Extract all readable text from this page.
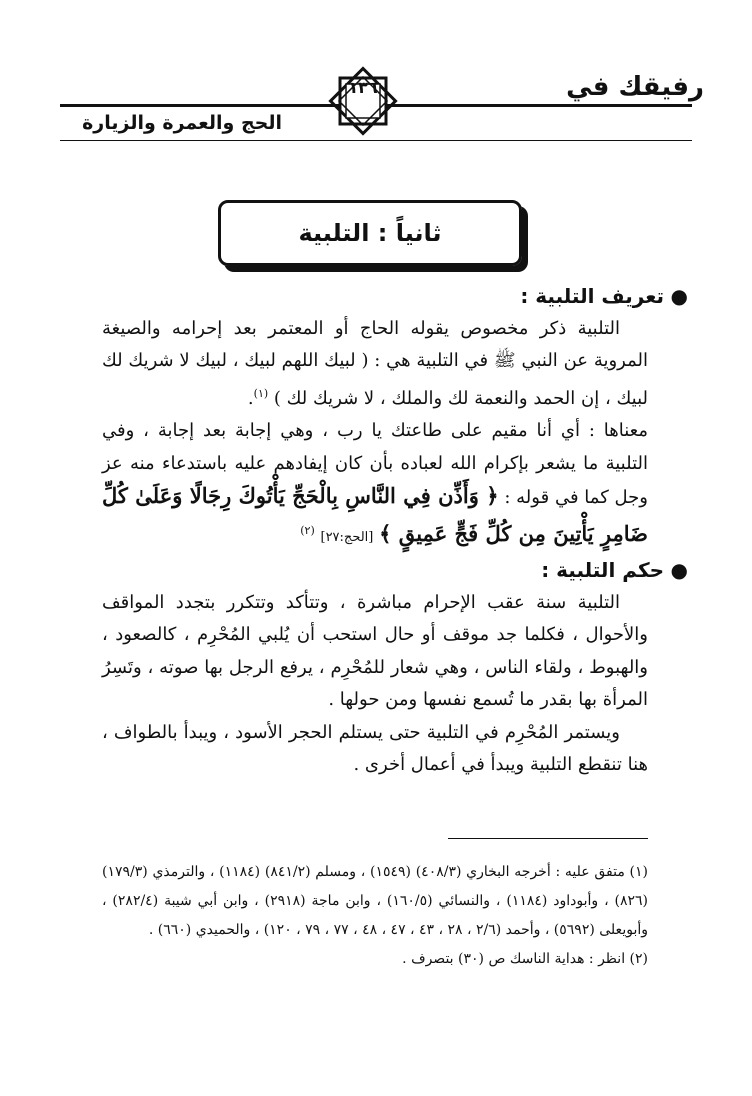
رفيقك في
١٣٦
الحج والعمرة والزيارة
ثانياً : التلبية

●
تعريف التلبية :

التلبية ذكر مخصوص يقوله الحاج أو المعتمر بعد إحرامه والصيغة المروية عن النبي ﷺ في التلبية هي : ( لبيك اللهم لبيك ، لبيك لا شريك لك لبيك ، إن الحمد والنعمة لك والملك ، لا شريك لك ) $^{(١)}$.

معناها : أي أنا مقيم على طاعتك يا رب ، وهي إجابة بعد إجابة ، وفي التلبية ما يشعر بإكرام الله لعباده بأن كان إيفادهم عليه باستدعاء منه عز وجل كما في قوله : ﴿ وَأَذِّن فِي النَّاسِ بِالْحَجِّ يَأْتُوكَ رِجَالًا وَعَلَىٰ كُلِّ ضَامِرٍ يَأْتِينَ مِن كُلِّ فَجٍّ عَمِيقٍ ﴾ [الحج:٢٧] $^{(٢)}$

●
حكم التلبية :

التلبية سنة عقب الإحرام مباشرة ، وتتأكد وتتكرر بتجدد المواقف والأحوال ، فكلما جد موقف أو حال استحب أن يُلبي المُحْرِم ، كالصعود ، والهبوط ، ولقاء الناس ، وهي شعار للمُحْرِم ، يرفع الرجل بها صوته ، وتَسِرُ المرأة بها بقدر ما تُسمع نفسها ومن حولها .

ويستمر المُحْرِم في التلبية حتى يستلم الحجر الأسود ، ويبدأ بالطواف ، هنا تنقطع التلبية ويبدأ في أعمال أخرى .

(١) متفق عليه : أخرجه البخاري (٤٠٨/٣) (١٥٤٩) ، ومسلم (٨٤١/٢) (١١٨٤) ، والترمذي (١٧٩/٣) (٨٢٦) ، وأبوداود (١١٨٤) ، والنسائي (١٦٠/٥) ، وابن ماجة (٢٩١٨) ، وابن أبي شيبة (٢٨٢/٤) ، وأبويعلى (٥٦٩٢) ، وأحمد (٢/٦ ، ٢٨ ، ٤٣ ، ٤٧ ، ٤٨ ، ٧٧ ، ٧٩ ، ١٢٠) ، والحميدي (٦٦٠) .

(٢) انظر : هداية الناسك ص (٣٠) بتصرف .
